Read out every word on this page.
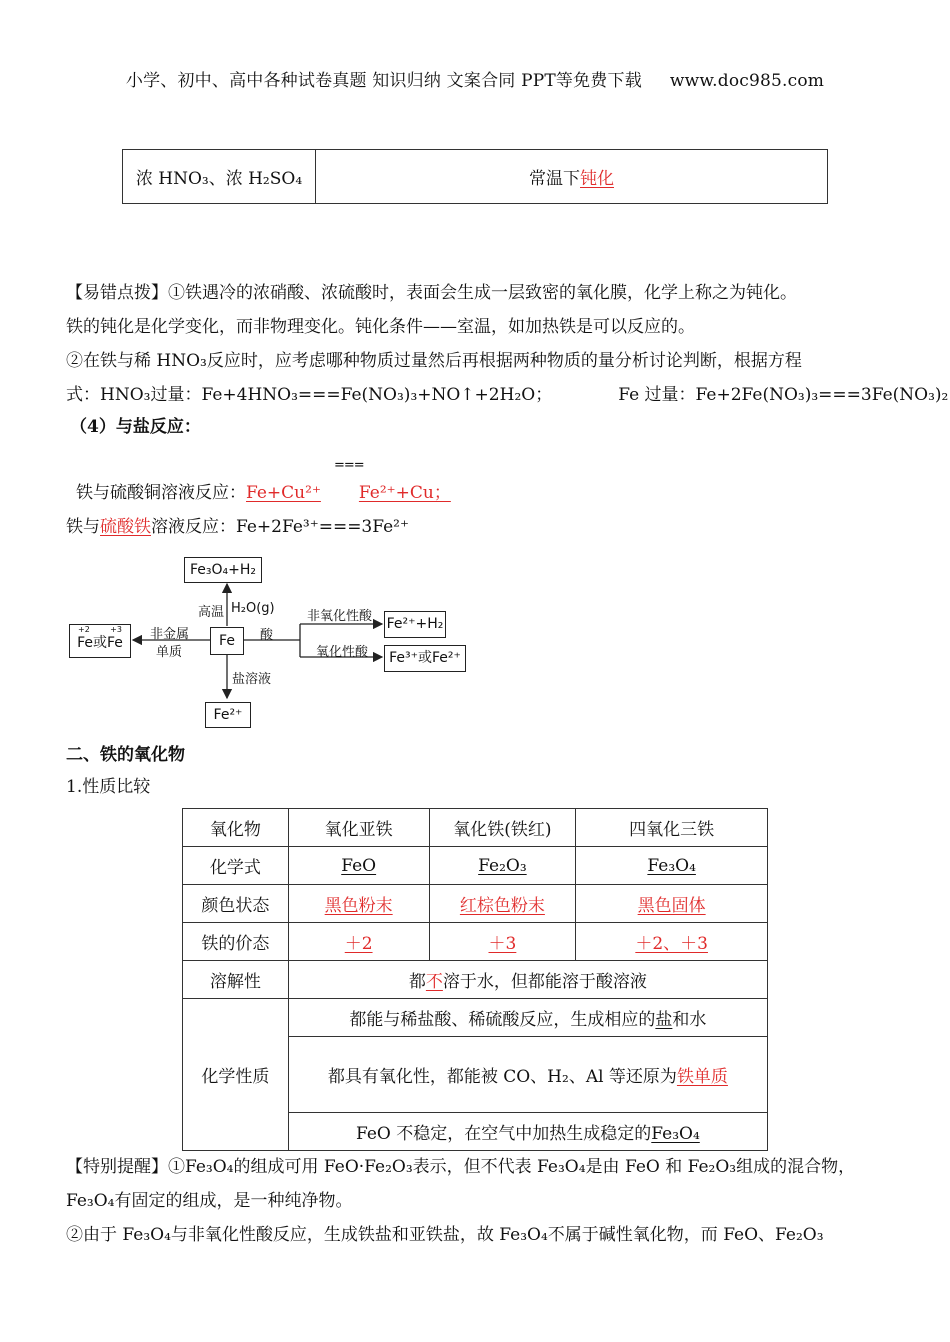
小学、初中、高中各种试卷真题 知识归纳 文案合同 PPT等免费下载 www.doc985.com
浓 HNO₃、浓 H₂SO₄	常温下钝化
【易错点拨】①铁遇冷的浓硝酸、浓硫酸时，表面会生成一层致密的氧化膜，化学上称之为钝化。
铁的钝化是化学变化，而非物理变化。钝化条件——室温，如加热铁是可以反应的。
②在铁与稀 HNO₃反应时，应考虑哪种物质过量然后再根据两种物质的量分析讨论判断，根据方程
式：HNO₃过量：Fe+4HNO₃===Fe(NO₃)₃+NO↑+2H₂O；	Fe 过量：Fe+2Fe(NO₃)₃===3Fe(NO₃)₂
（4）与盐反应：
铁与硫酸铜溶液反应：Fe+Cu²⁺ Fe²⁺+Cu；
===
铁与硫酸铁溶液反应：Fe+2Fe³⁺===3Fe²⁺
Fe₃O₄+H₂
高温 H₂O(g)
Fe
+2        +3
Fe或Fe
非金属
单质
酸
非氧化性酸 Fe²⁺+H₂
氧化性酸	Fe³⁺或Fe²⁺
盐溶液
Fe²⁺
二、铁的氧化物
1.性质比较
氧化物	氧化亚铁	氧化铁(铁红)	四氧化三铁
化学式	FeO	Fe₂O₃	Fe₃O₄
颜色状态	黑色粉末	红棕色粉末	黑色固体
铁的价态	＋2	＋3	＋2、＋3
溶解性	都不溶于水，但都能溶于酸溶液		
化学性质	都能与稀盐酸、稀硫酸反应，生成相应的盐和水		
	都具有氧化性，都能被 CO、H₂、Al 等还原为铁单质		
	FeO 不稳定，在空气中加热生成稳定的Fe₃O₄		
【特别提醒】①Fe₃O₄的组成可用 FeO·Fe₂O₃表示，但不代表 Fe₃O₄是由 FeO 和 Fe₂O₃组成的混合物，
Fe₃O₄有固定的组成，是一种纯净物。
②由于 Fe₃O₄与非氧化性酸反应，生成铁盐和亚铁盐，故 Fe₃O₄不属于碱性氧化物，而 FeO、Fe₂O₃
